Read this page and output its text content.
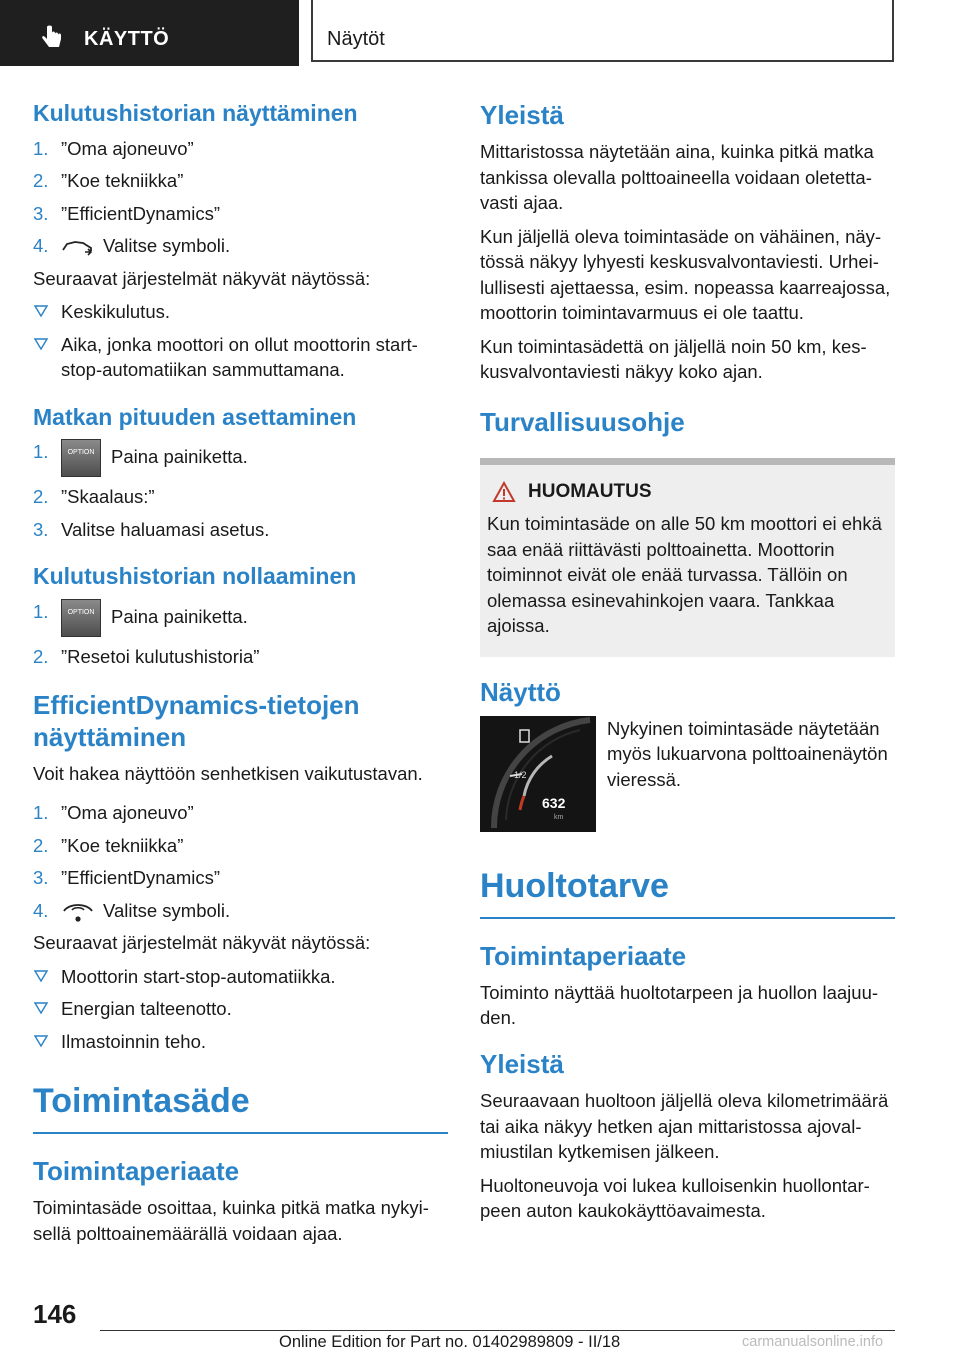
KÄYTTÖ	Näytöt
Kulutushistorian näyttäminen
1. ”Oma ajoneuvo”
2. ”Koe tekniikka”
3. ”EfficientDynamics”
4.	Valitse symboli.

Seuraavat järjestelmät näkyvät näytössä:

Keskikulutus.
Aika, jonka moottori on ollut moottorin start-stop-automatiikan sammuttamana.
Matkan pituuden asettaminen
1.	OPTION Paina painiketta.
2. ”Skaalaus:”
3. Valitse haluamasi asetus.
Kulutushistorian nollaaminen
1.	OPTION Paina painiketta.
2. ”Resetoi kulutushistoria”
EfficientDynamics-tietojen näyttäminen

Voit hakea näyttöön senhetkisen vaikutustavan.

1. ”Oma ajoneuvo”
2. ”Koe tekniikka”
3. ”EfficientDynamics”
4.	Valitse symboli.

Seuraavat järjestelmät näkyvät näytössä:

Moottorin start-stop-automatiikka.
Energian talteenotto.
Ilmastoinnin teho.
Toimintasäde
Toimintaperiaate

Toimintasäde osoittaa, kuinka pitkä matka nykyisellä polttoainemäärällä voidaan ajaa.

Yleistä

Mittaristossa näytetään aina, kuinka pitkä matka tankissa olevalla polttoaineella voidaan oletettavasti ajaa.

Kun jäljellä oleva toimintasäde on vähäinen, näytössä näkyy lyhyesti keskusvalvontaviesti. Urheilullisesti ajettaessa, esim. nopeassa kaarreajossa, moottorin toimintavarmuus ei ole taattu.

Kun toimintasädettä on jäljellä noin 50 km, keskusvalvontaviesti näkyy koko ajan.

Turvallisuusohje
HUOMAUTUS

Kun toimintasäde on alle 50 km moottori ei ehkä saa enää riittävästi polttoainetta. Moottorin toiminnot eivät ole enää turvassa. Tällöin on olemassa esinevahinkojen vaara. Tankkaa ajoissa.

Näyttö
1/2
632
km

Nykyinen toimintasäde näytetään myös lukuarvona polttoainenäytön vieressä.

Huoltotarve
Toimintaperiaate

Toiminto näyttää huoltotarpeen ja huollon laajuuden.

Yleistä

Seuraavaan huoltoon jäljellä oleva kilometrimäärä tai aika näkyy hetken ajan mittaristossa ajovalmiustilan kytkemisen jälkeen.

Huoltoneuvoja voi lukea kulloisenkin huollontarpeen auton kaukokäyttöavaimesta.

146
Online Edition for Part no. 01402989809 - II/18	carmanualsonline.info
